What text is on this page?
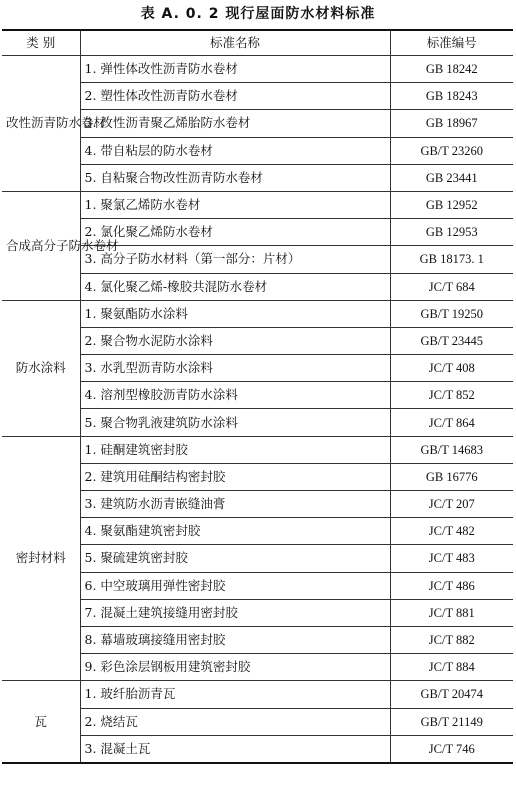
表 A. 0. 2 现行屋面防水材料标准
类 别	标准名称	标准编号
改性沥青防水卷材	1. 弹性体改性沥青防水卷材	GB 18242
	2. 塑性体改性沥青防水卷材	GB 18243
	3. 改性沥青聚乙烯胎防水卷材	GB 18967
	4. 带自粘层的防水卷材	GB/T 23260
	5. 自粘聚合物改性沥青防水卷材	GB 23441
合成高分子防水卷材	1. 聚氯乙烯防水卷材	GB 12952
	2. 氯化聚乙烯防水卷材	GB 12953
	3. 高分子防水材料（第一部分：片材）	GB 18173. 1
	4. 氯化聚乙烯-橡胶共混防水卷材	JC/T 684
防水涂料	1. 聚氨酯防水涂料	GB/T 19250
	2. 聚合物水泥防水涂料	GB/T 23445
	3. 水乳型沥青防水涂料	JC/T 408
	4. 溶剂型橡胶沥青防水涂料	JC/T 852
	5. 聚合物乳液建筑防水涂料	JC/T 864
密封材料	1. 硅酮建筑密封胶	GB/T 14683
	2. 建筑用硅酮结构密封胶	GB 16776
	3. 建筑防水沥青嵌缝油膏	JC/T 207
	4. 聚氨酯建筑密封胶	JC/T 482
	5. 聚硫建筑密封胶	JC/T 483
	6. 中空玻璃用弹性密封胶	JC/T 486
	7. 混凝土建筑接缝用密封胶	JC/T 881
	8. 幕墙玻璃接缝用密封胶	JC/T 882
	9. 彩色涂层钢板用建筑密封胶	JC/T 884
瓦	1. 玻纤胎沥青瓦	GB/T 20474
	2. 烧结瓦	GB/T 21149
	3. 混凝土瓦	JC/T 746
